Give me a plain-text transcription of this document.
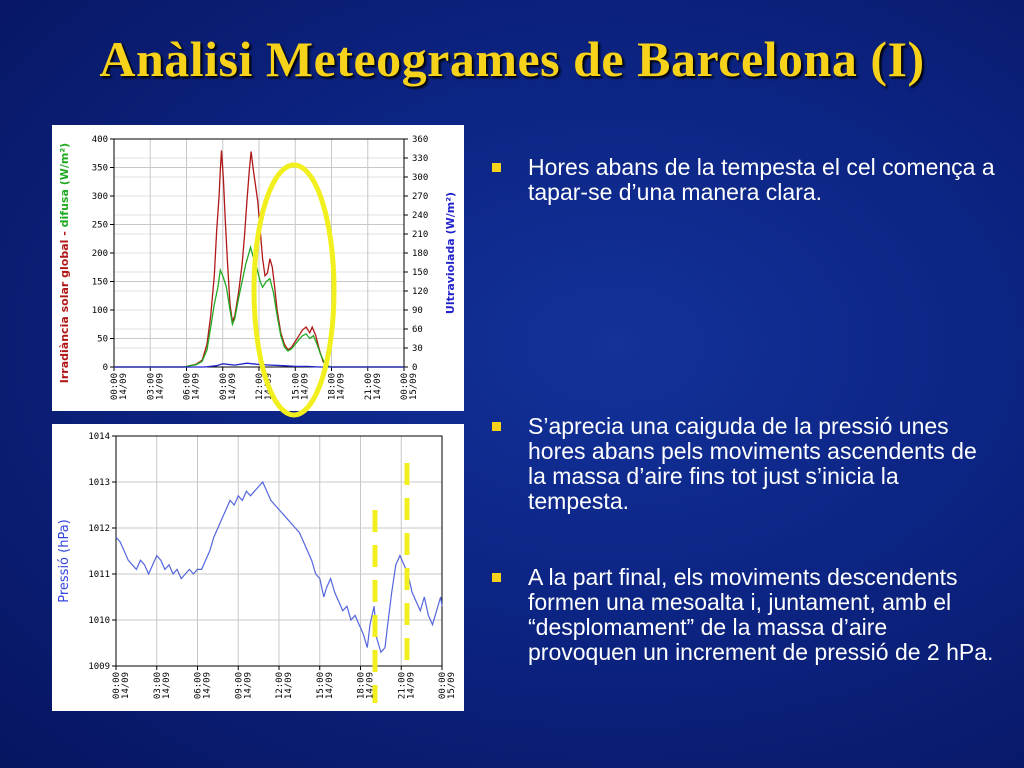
Anàlisi Meteogrames de Barcelona (I)
0
50
100
150
200
250
300
350
400
0
30
60
90
120
150
180
210
240
270
300
330
360
00:0014/09 03:0014/09 06:0014/09 09:0014/09 12:0014/09 15:0014/09 18:0014/09 21:0014/09 00:0015/09
Irradiància solar global - difusa (W/m²)
Ultraviolada (W/m²)
1009
1010
1011
1012
1013
1014
00:0014/09 03:0014/09 06:0014/09 09:0014/09 12:0014/09 15:0014/09 18:0014/09 21:0014/09 00:0015/09
Pressió (hPa)
Hores abans de la tempesta el cel comença a tapar-se d’una manera clara.
S’aprecia una caiguda de la pressió unes hores abans pels moviments ascendents de la massa d’aire fins tot just s’inicia la tempesta.
A la part final, els moviments descendents formen una mesoalta i, juntament, amb el “desplomament” de la massa d’aire provoquen un increment de pressió de 2 hPa.
